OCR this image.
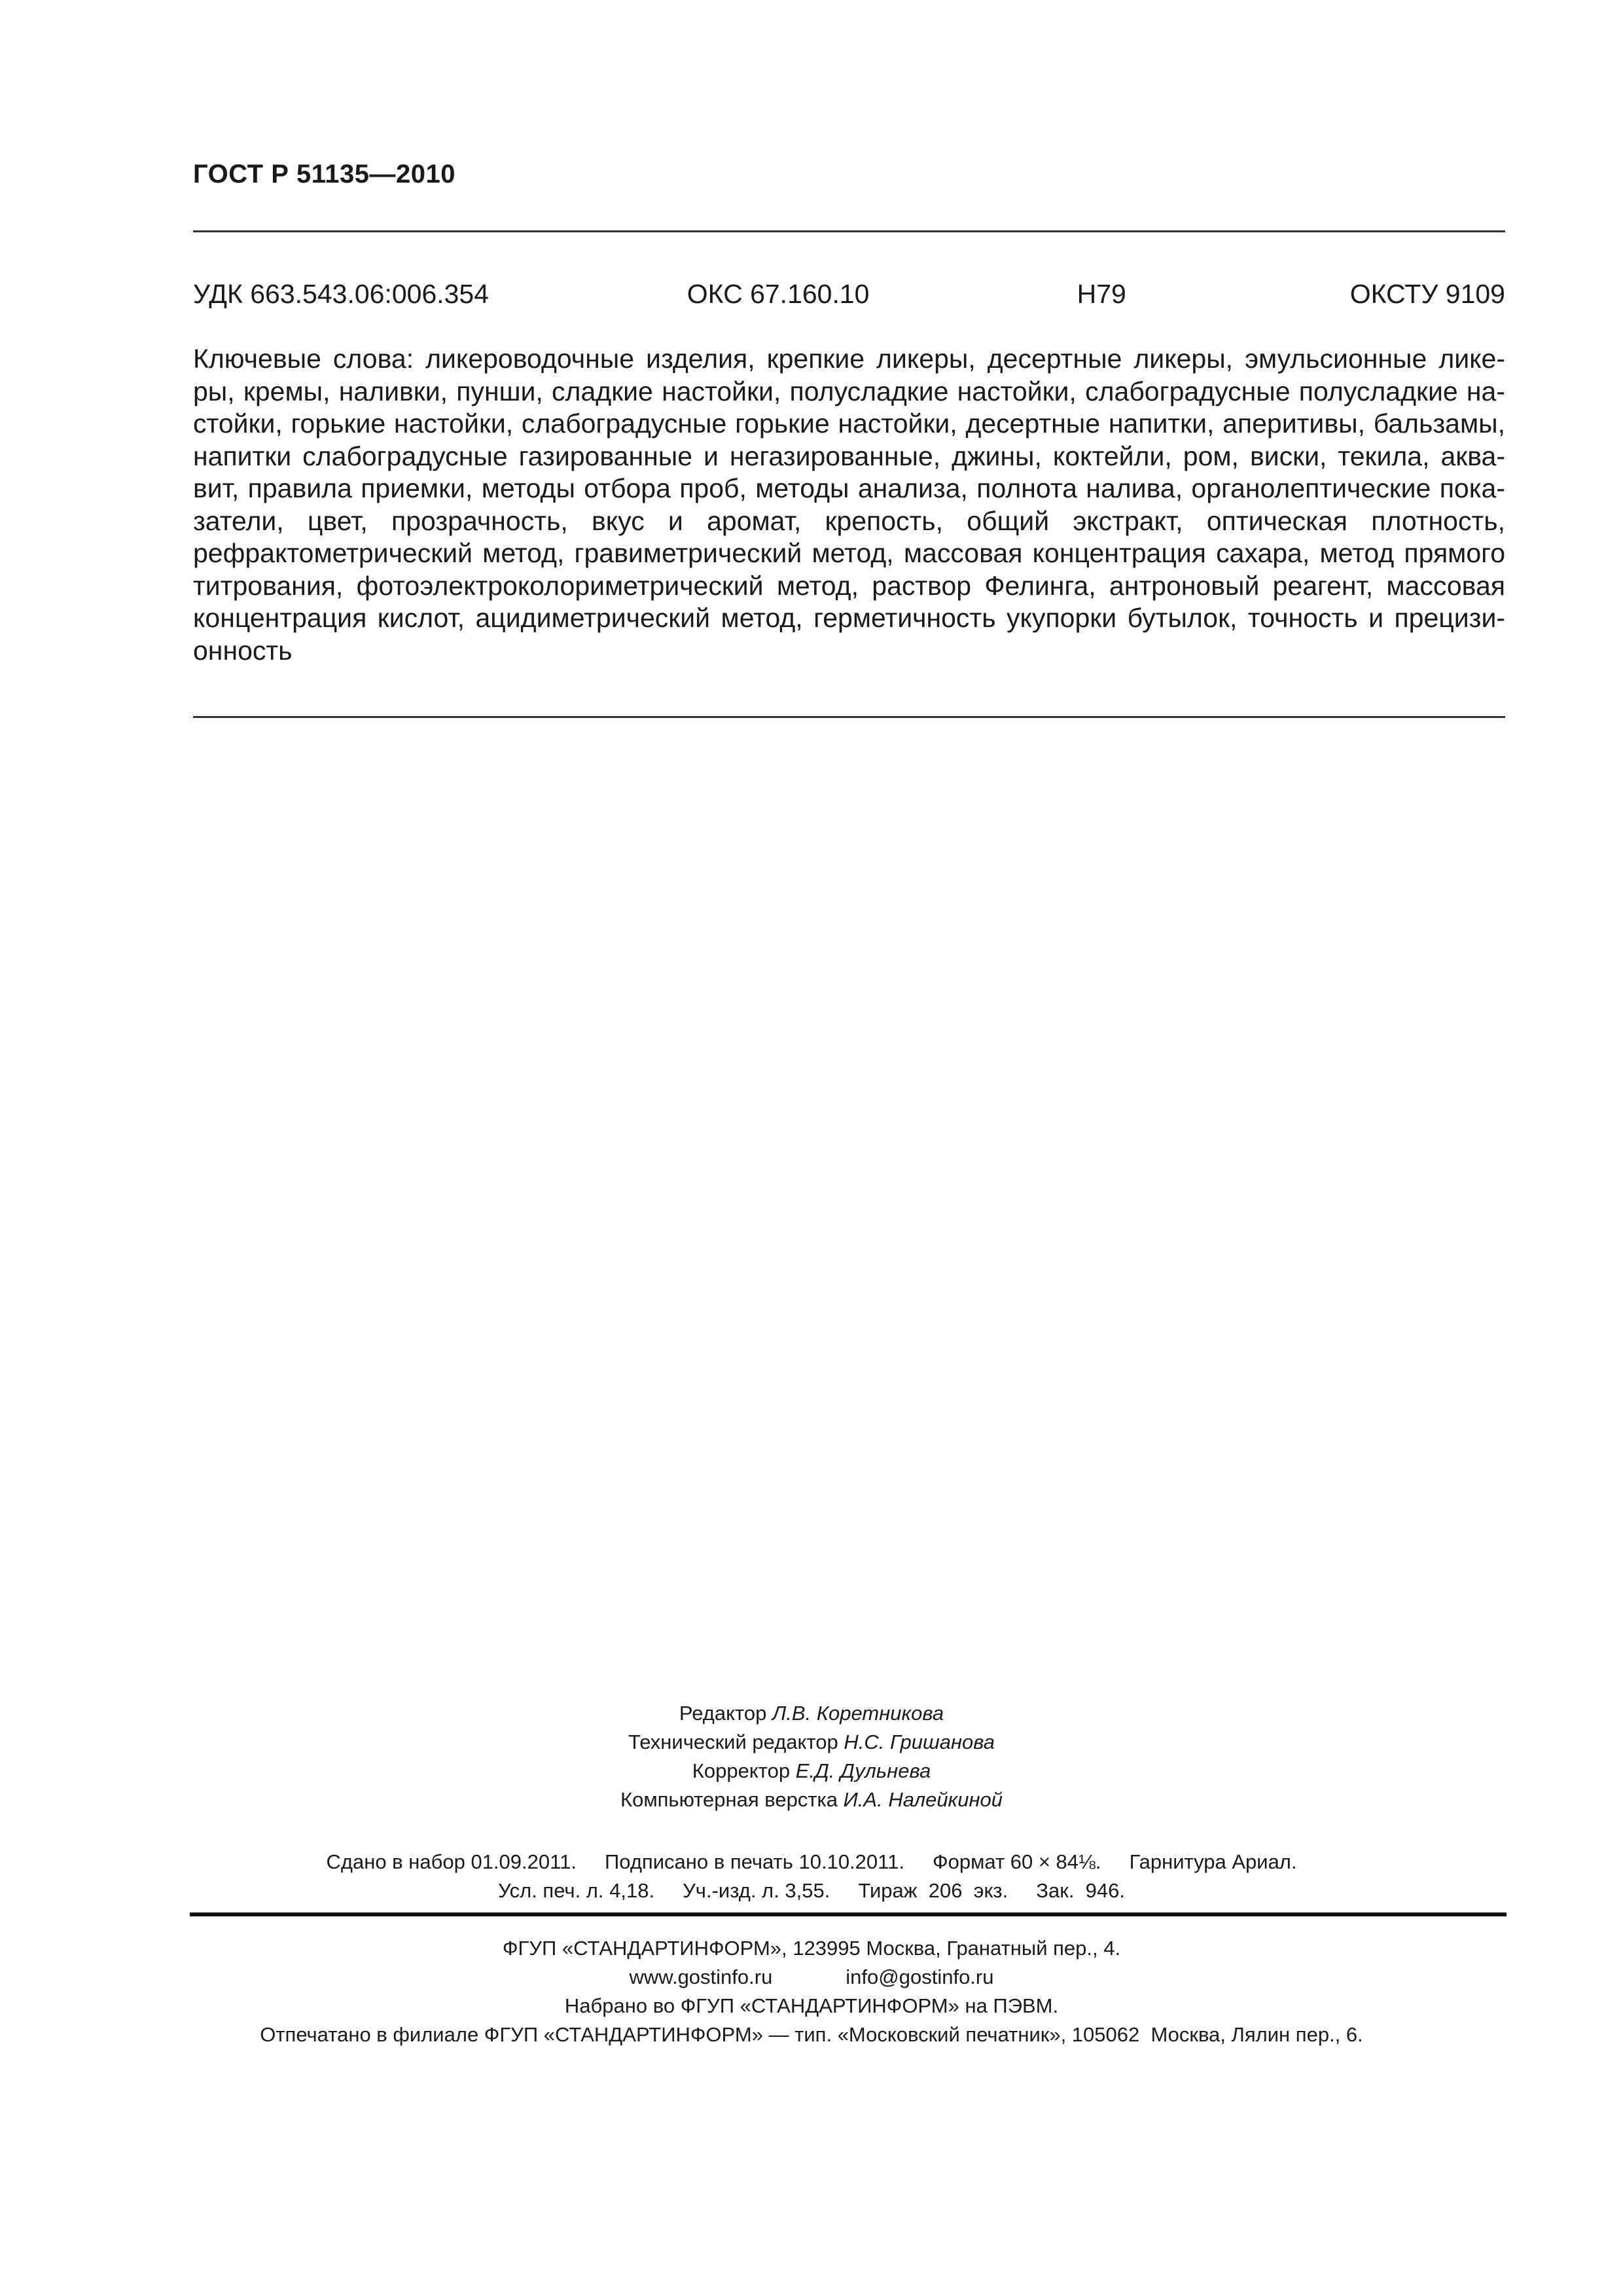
ГОСТ Р 51135—2010
УДК 663.543.06:006.354	ОКС 67.160.10	Н79	ОКСТУ 9109
Ключевые слова: ликероводочные изделия, крепкие ликеры, десертные ликеры, эмульсионные лике-
ры, кремы, наливки, пунши, сладкие настойки, полусладкие настойки, слабоградусные полусладкие на-
стойки, горькие настойки, слабоградусные горькие настойки, десертные напитки, аперитивы, бальзамы,
напитки слабоградусные газированные и негазированные, джины, коктейли, ром, виски, текила, аква-
вит, правила приемки, методы отбора проб, методы анализа, полнота налива, органолептические пока-
затели, цвет, прозрачность, вкус и аромат, крепость, общий экстракт, оптическая плотность,
рефрактометрический метод, гравиметрический метод, массовая концентрация сахара, метод прямого
титрования, фотоэлектроколориметрический метод, раствор Фелинга, антроновый реагент, массовая
концентрация кислот, ацидиметрический метод, герметичность укупорки бутылок, точность и прецизи-
онность
Редактор Л.В. Коретникова
Технический редактор Н.С. Гришанова
Корректор Е.Д. Дульнева
Компьютерная верстка И.А. Налейкиной
Сдано в набор 01.09.2011.     Подписано в печать 10.10.2011.     Формат 60 × 84⅛.     Гарнитура Ариал.
Усл. печ. л. 4,18.     Уч.-изд. л. 3,55.     Тираж  206  экз.     Зак.  946.
ФГУП «СТАНДАРТИНФОРМ», 123995 Москва, Гранатный пер., 4.
www.gostinfo.ru             info@gostinfo.ru
Набрано во ФГУП «СТАНДАРТИНФОРМ» на ПЭВМ.
Отпечатано в филиале ФГУП «СТАНДАРТИНФОРМ» — тип. «Московский печатник», 105062  Москва, Лялин пер., 6.
